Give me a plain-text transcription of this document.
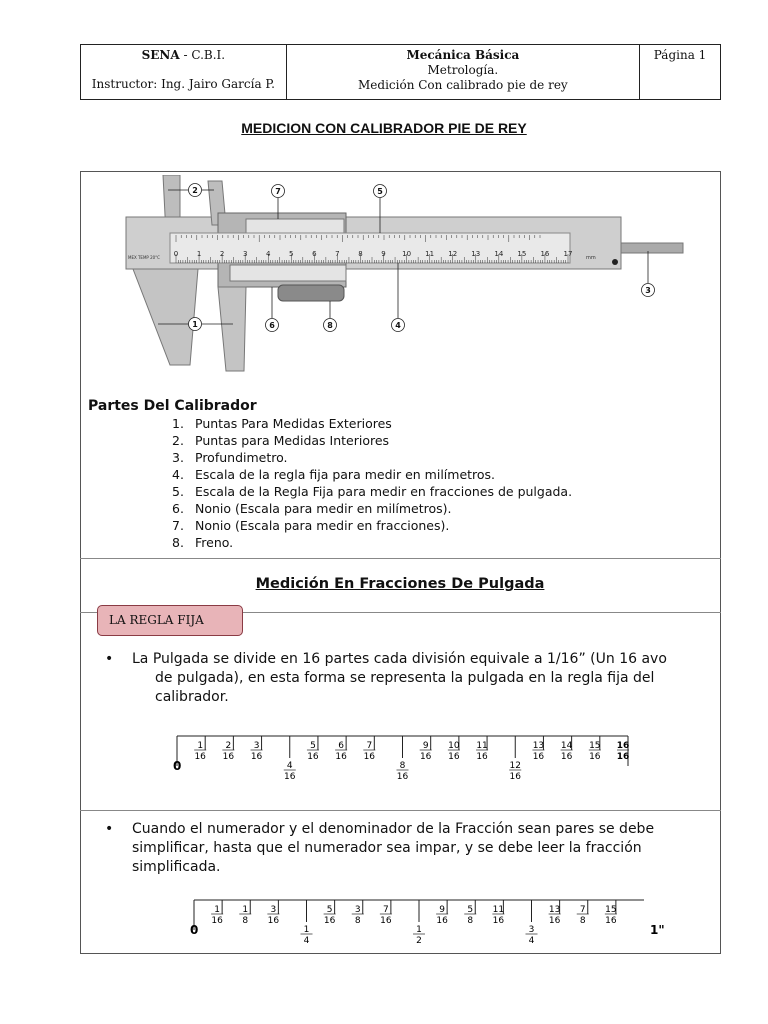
SENA - C.B.I.
Instructor: Ing. Jairo García P.

Mecánica Básica
Metrología.
Medición Con calibrado pie de rey
	Página 1
MEDICION CON CALIBRADOR PIE DE REY
0	1	2	3	4	5	6	7	8	9 10 11 12 13 14 15 16 17
MEX TEMP 20°C	mm
1
2
3
4
5
6
7
8
Partes Del Calibrador
1. Puntas Para Medidas Exteriores
2. Puntas para Medidas Interiores
3. Profundimetro.
4. Escala de la regla fija para medir en milímetros.
5. Escala de la Regla Fija para medir en fracciones de pulgada.
6. Nonio (Escala para medir en milímetros).
7. Nonio (Escala para medir en fracciones).
8. Freno.
Medición En Fracciones De Pulgada
LA REGLA FIJA
• La Pulgada se divide en 16 partes cada división equivale a 1/16” (Un 16 avo
de pulgada), en esta forma se representa la pulgada en la regla fija del calibrador.
0
1
16
2
16
3
16
4
16
5
16
6
16
7
16
8
16
9
16
10
16
11
16
12
16
13
16
14
16
15
16
16
16
• Cuando el numerador y el denominador de la Fracción sean pares se debe simplificar, hasta que el numerador sea impar, y se debe leer la fracción simplificada.
0
1
16
1
8
3
16
1
4
5
16
3
8
7
16
1
2
9
16
5
8
11
16
3
4
13
16
7
8
15
16
1"
